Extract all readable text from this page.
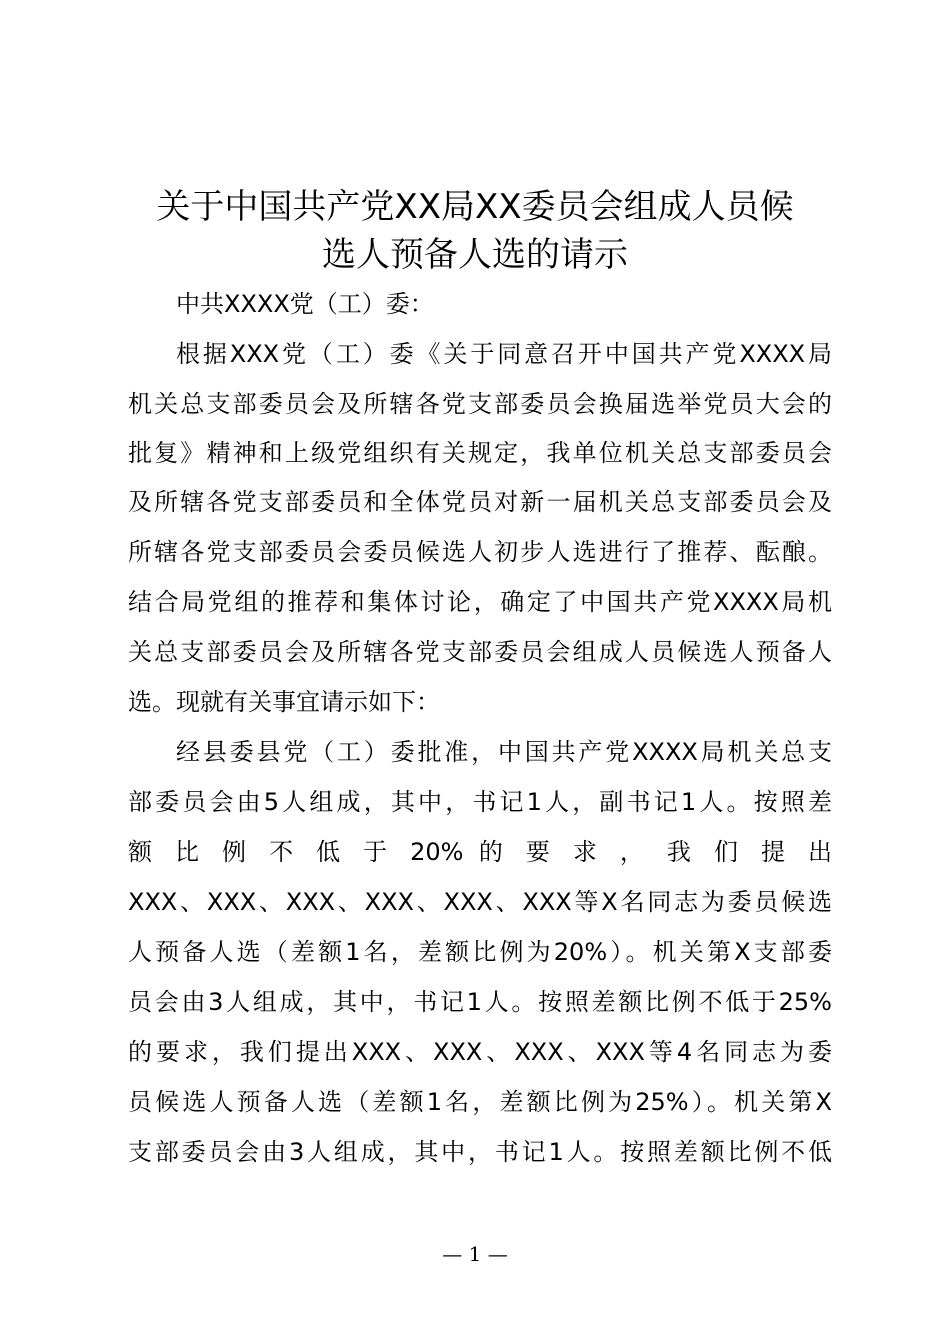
关于中国共产党XX局XX委员会组成人员候
选人预备人选的请示
中共XXXX党（工）委：
根据XXX党（工）委《关于同意召开中国共产党XXXX局
机关总支部委员会及所辖各党支部委员会换届选举党员大会的
批复》精神和上级党组织有关规定，我单位机关总支部委员会
及所辖各党支部委员和全体党员对新一届机关总支部委员会及
所辖各党支部委员会委员候选人初步人选进行了推荐、酝酿。
结合局党组的推荐和集体讨论，确定了中国共产党XXXX局机
关总支部委员会及所辖各党支部委员会组成人员候选人预备人
选。现就有关事宜请示如下：
经县委县党（工）委批准，中国共产党XXXX局机关总支
部委员会由5人组成，其中，书记1人，副书记1人。按照差
额 比 例 不 低 于 20% 的 要 求 ， 我 们 提 出
XXX、XXX、XXX、XXX、XXX、XXX等X名同志为委员候选
人预备人选（差额1名，差额比例为20%）。机关第X支部委
员会由3人组成，其中，书记1人。按照差额比例不低于25%
的要求，我们提出XXX、XXX、XXX、XXX等4名同志为委
员候选人预备人选（差额1名，差额比例为25%）。机关第X
支部委员会由3人组成，其中，书记1人。按照差额比例不低
— 1 —
